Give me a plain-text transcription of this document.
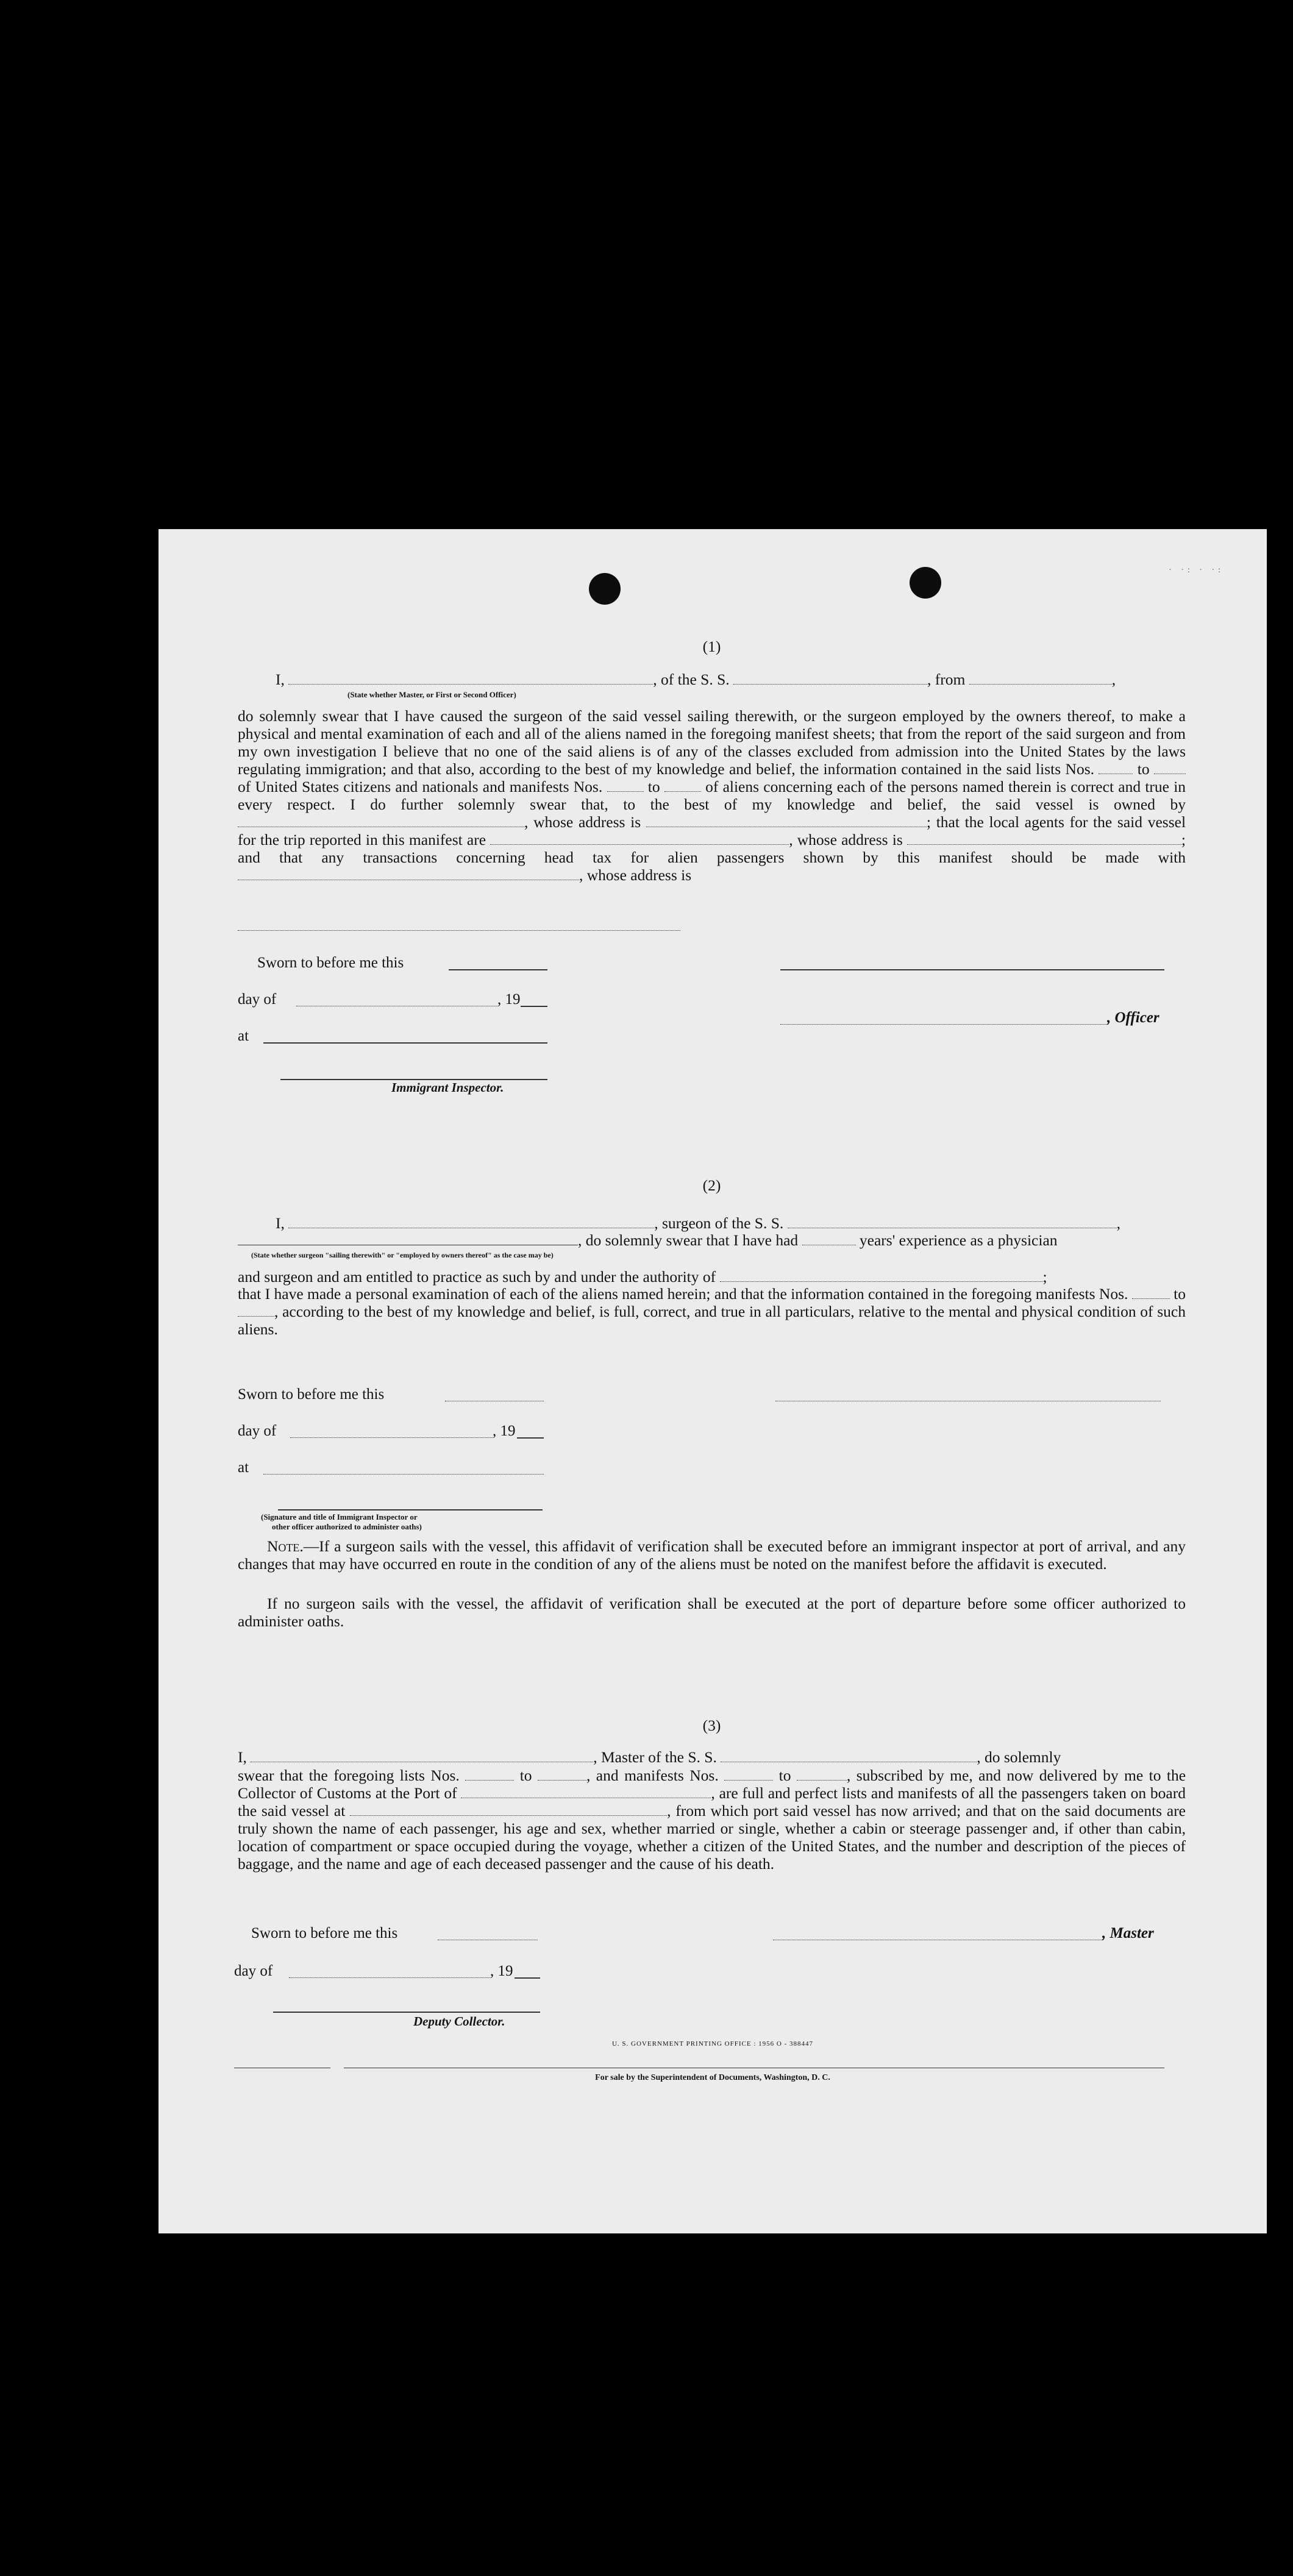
· ·: · ·:
(1)
I,	, of the S. S.	, from	,
(State whether Master, or First or Second Officer)
do solemnly swear that I have caused the surgeon of the said vessel sailing therewith, or the surgeon employed by the owners thereof, to make a physical and mental examination of each and all of the aliens named in the foregoing manifest sheets; that from the report of the said surgeon and from my own investigation I believe that no one of the said aliens is of any of the classes excluded from admission into the United States by the laws regulating immigration; and that also, according to the best of my knowledge and belief, the information contained in the said lists Nos.	to  of United States citizens and nationals and manifests Nos.	to	of aliens concerning each of the persons named therein is correct and true in every respect. I do further solemnly swear that, to the best of my knowledge and belief, the said vessel is owned by , whose address is	; that the local agents for the said vessel for the trip reported in this manifest are	, whose address is	; and that any transactions concerning head tax for alien passengers shown by this manifest should be made with , whose address is
Sworn to before me this
day of	, 19
, Officer
at
Immigrant Inspector.
(2)
I,	, surgeon of the S. S.	,
, do solemnly swear that I have had	years' experience as a physician
(State whether surgeon "sailing therewith" or "employed by owners thereof" as the case may be)
and surgeon and am entitled to practice as such by and under the authority of	;
that I have made a personal examination of each of the aliens named herein; and that the information contained in the foregoing manifests Nos.	to , according to the best of my knowledge and belief, is full, correct, and true in all particulars, relative to the mental and physical condition of such aliens.
Sworn to before me this
day of	, 19
at
(Signature and title of Immigrant Inspector or
other officer authorized to administer oaths)
Note.—If a surgeon sails with the vessel, this affidavit of verification shall be executed before an immigrant inspector at port of arrival, and any changes that may have occurred en route in the condition of any of the aliens must be noted on the manifest before the affidavit is executed.
If no surgeon sails with the vessel, the affidavit of verification shall be executed at the port of departure before some officer authorized to administer oaths.
(3)
I,	, Master of the S. S.	, do solemnly
swear that the foregoing lists Nos.	to	, and manifests Nos.	to	, subscribed by me, and now delivered by me to the Collector of Customs at the Port of	, are full and perfect lists and manifests of all the passengers taken on board the said vessel at	, from which port said vessel has now arrived; and that on the said documents are truly shown the name of each passenger, his age and sex, whether married or single, whether a cabin or steerage passenger and, if other than cabin, location of compartment or space occupied during the voyage, whether a citizen of the United States, and the number and description of the pieces of baggage, and the name and age of each deceased passenger and the cause of his death.
Sworn to before me this	, Master
day of	, 19
Deputy Collector.
U. S. GOVERNMENT PRINTING OFFICE : 1956 O - 388447
For sale by the Superintendent of Documents, Washington, D. C.
